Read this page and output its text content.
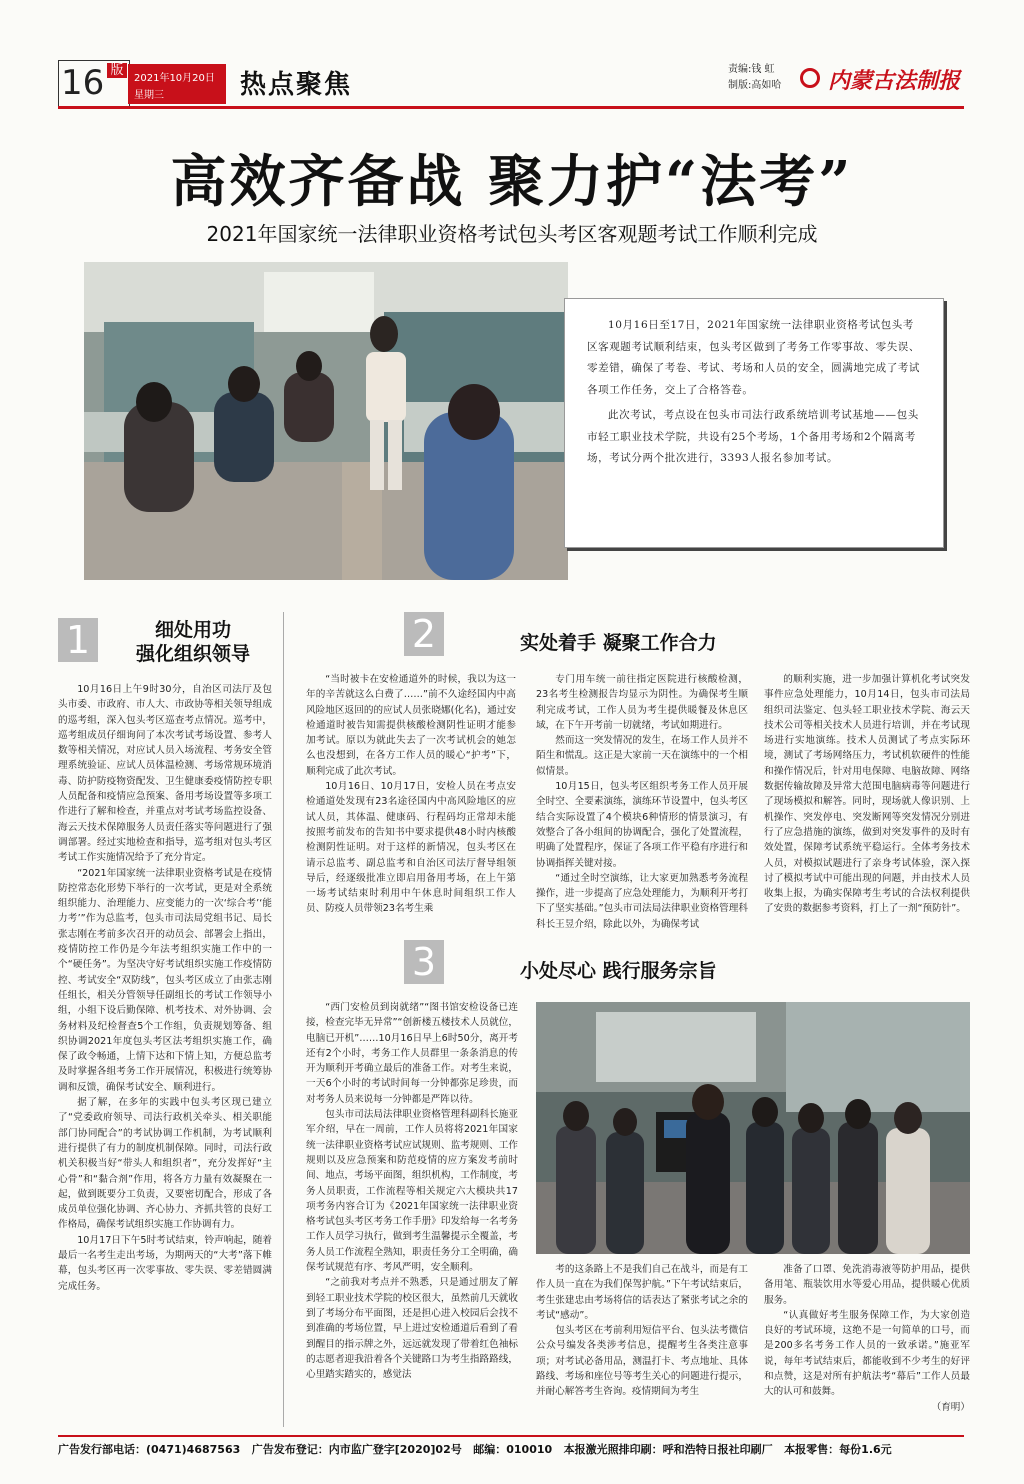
16 版
2021年10月20日
星期三	热点聚焦
责编:钱 虹
制版:高如哈 内蒙古法制报
高效齐备战 聚力护“法考”
2021年国家统一法律职业资格考试包头考区客观题考试工作顺利完成

10月16日至17日，2021年国家统一法律职业资格考试包头考区客观题考试顺利结束，包头考区做到了考务工作零事故、零失误、零差错，确保了考卷、考试、考场和人员的安全，圆满地完成了考试各项工作任务，交上了合格答卷。

此次考试，考点设在包头市司法行政系统培训考试基地——包头市轻工职业技术学院，共设有25个考场，1个备用考场和2个隔离考场，考试分两个批次进行，3393人报名参加考试。

1	细处用功
强化组织领导

10月16日上午9时30分，自治区司法厅及包头市委、市政府、市人大、市政协等相关领导组成的巡考组，深入包头考区巡查考点情况。巡考中，巡考组成员仔细询问了本次考试考场设置、参考人数等相关情况，对应试人员入场流程、考务安全管理系统验证、应试人员体温检测、考场常规环境消毒、防护防疫物资配发、卫生健康委疫情防控专职人员配备和疫情应急预案、备用考场设置等多项工作进行了解和检查，并重点对考试考场监控设备、海云天技术保障服务人员责任落实等问题进行了强调部署。经过实地检查和指导，巡考组对包头考区考试工作实施情况给予了充分肯定。

“2021年国家统一法律职业资格考试是在疫情防控常态化形势下举行的一次考试，更是对全系统组织能力、治理能力、应变能力的一次‘综合考’‘能力考’”作为总监考，包头市司法局党组书记、局长张志刚在考前多次召开的动员会、部署会上指出，疫情防控工作仍是今年法考组织实施工作中的一个“硬任务”。为坚决守好考试组织实施工作疫情防控、考试安全“双防线”，包头考区成立了由张志刚任组长，相关分管领导任副组长的考试工作领导小组，小组下设后勤保障、机考技术、对外协调、会务材料及纪检督查5个工作组，负责规划筹备、组织协调2021年度包头考区法考组织实施工作，确保了政令畅通，上情下达和下情上知，方便总监考及时掌握各组考务工作开展情况，积极进行统筹协调和反馈，确保考试安全、顺利进行。

据了解，在多年的实践中包头考区现已建立了“党委政府领导、司法行政机关牵头、相关职能部门协同配合”的考试协调工作机制，为考试顺利进行提供了有力的制度机制保障。同时，司法行政机关积极当好“带头人和组织者”，充分发挥好“主心骨”和“黏合剂”作用，将各方力量有效凝聚在一起，做到既要分工负责，又要密切配合，形成了各成员单位强化协调、齐心协力、齐抓共管的良好工作格局，确保考试组织实施工作协调有力。

10月17日下午5时考试结束，铃声响起，随着最后一名考生走出考场，为期两天的“大考”落下帷幕，包头考区再一次零事故、零失误、零差错圆满完成任务。

2	实处着手 凝聚工作合力

“当时被卡在安检通道外的时候，我以为这一年的辛苦就这么白费了……”前不久途经国内中高风险地区返回的的应试人员张晓娜(化名)，通过安检通道时被告知需提供核酸检测阴性证明才能参加考试。原以为就此失去了一次考试机会的她怎么也没想到，在各方工作人员的暖心“护考”下，顺利完成了此次考试。

10月16日、10月17日，安检人员在考点安检通道处发现有23名途径国内中高风险地区的应试人员，其体温、健康码、行程码均正常却未能按照考前发布的告知书中要求提供48小时内核酸检测阴性证明。对于这样的新情况，包头考区在请示总监考、副总监考和自治区司法厅督导组领导后，经逐级批准立即启用备用考场，在上午第一场考试结束时利用中午休息时间组织工作人员、防疫人员带领23名考生乘

专门用车统一前往指定医院进行核酸检测，23名考生检测报告均显示为阴性。为确保考生顺利完成考试，工作人员为考生提供暖餐及休息区域，在下午开考前一切就绪，考试如期进行。

然而这一突发情况的发生，在场工作人员并不陌生和慌乱。这正是大家前一天在演练中的一个相似情景。

10月15日，包头考区组织考务工作人员开展全时空、全要素演练，演练环节设置中，包头考区结合实际设置了4个模块6种情形的情景演习，有效整合了各小组间的协调配合，强化了处置流程，明确了处置程序，保证了各项工作平稳有序进行和协调指挥关键对接。

“通过全时空演练，让大家更加熟悉考务流程操作，进一步提高了应急处理能力，为顺利开考打下了坚实基础。”包头市司法局法律职业资格管理科科长王昱介绍，除此以外，为确保考试

的顺利实施，进一步加强计算机化考试突发事件应急处理能力，10月14日，包头市司法局组织司法鉴定、包头轻工职业技术学院、海云天技术公司等相关技术人员进行培训，并在考试现场进行实地演练。技术人员测试了考点实际环境，测试了考场网络压力，考试机软硬件的性能和操作情况后，针对用电保障、电脑故障、网络数据传输故障及异常大范围电脑病毒等问题进行了现场模拟和解答。同时，现场就人像识别、上机操作、突发停电、突发断网等突发情况分别进行了应急措施的演练，做到对突发事件的及时有效处置，保障考试系统平稳运行。全体考务技术人员，对模拟试题进行了亲身考试体验，深入探讨了模拟考试中可能出现的问题，并由技术人员收集上报，为确实保障考生考试的合法权利提供了安贵的数据参考资料，打上了一剂“预防针”。

3	小处尽心 践行服务宗旨

“西门安检员到岗就绪”“图书馆安检设备已连接，检查完毕无异常”“创新楼五楼技术人员就位，电脑已开机”……10月16日早上6时50分，离开考还有2个小时，考务工作人员群里一条条消息的传开为顺利开考确立最后的准备工作。对考生来说，一天6个小时的考试时间每一分钟都弥足珍贵，而对考务人员来说每一分钟都是严阵以待。

包头市司法局法律职业资格管理科副科长施亚军介绍，早在一周前，工作人员将将2021年国家统一法律职业资格考试应试规则、监考规则、工作规则以及应急预案和防范疫情的应方案发考前时间、地点，考场平面图，组织机构，工作制度，考务人员职责，工作流程等相关规定六大模块共17项考务内容合订为《2021年国家统一法律职业资格考试包头考区考务工作手册》印发给每一名考务工作人员学习执行，做到考生温馨提示全覆盖，考务人员工作流程全熟知，职责任务分工全明确，确保考试规范有序、考风严明，安全顺利。

“之前我对考点并不熟悉，只是通过朋友了解到轻工职业技术学院的校区很大，虽然前几天就收到了考场分布平面图，还是担心进入校园后会找不到准确的考场位置，早上进过安检通道后看到了看到醒目的指示牌之外，远远就发现了带着红色袖标的志愿者迎我沿着各个关键路口为考生指路路线，心里踏实踏实的，感觉法

考的这条路上不是我们自己在战斗，而是有工作人员一直在为我们保驾护航。”下午考试结束后，考生张建忠由考场将信的话表达了紧张考试之余的考试“感动”。

包头考区在考前利用短信平台、包头法考微信公众号编发各类涉考信息，提醒考生各类注意事项；对考试必备用品，测温打卡、考点地址、具体路线、考场和座位号等考生关心的问题进行提示，并耐心解答考生咨询。疫情期间为考生

准备了口罩、免洗消毒液等防护用品，提供备用笔、瓶装饮用水等爱心用品，提供暖心优质服务。

“认真做好考生服务保障工作，为大家创造良好的考试环境，这绝不是一句简单的口号，而是200多名考务工作人员的一致承诺。”施亚军说，每年考试结束后，都能收到不少考生的好评和点赞，这是对所有护航法考“幕后”工作人员最大的认可和鼓舞。

（育明）

广告发行部电话：(0471)4687563 广告发布登记：内市监广登字[2020]02号 邮编：010010 本报激光照排印刷：呼和浩特日报社印刷厂 本报零售：每份1.6元
